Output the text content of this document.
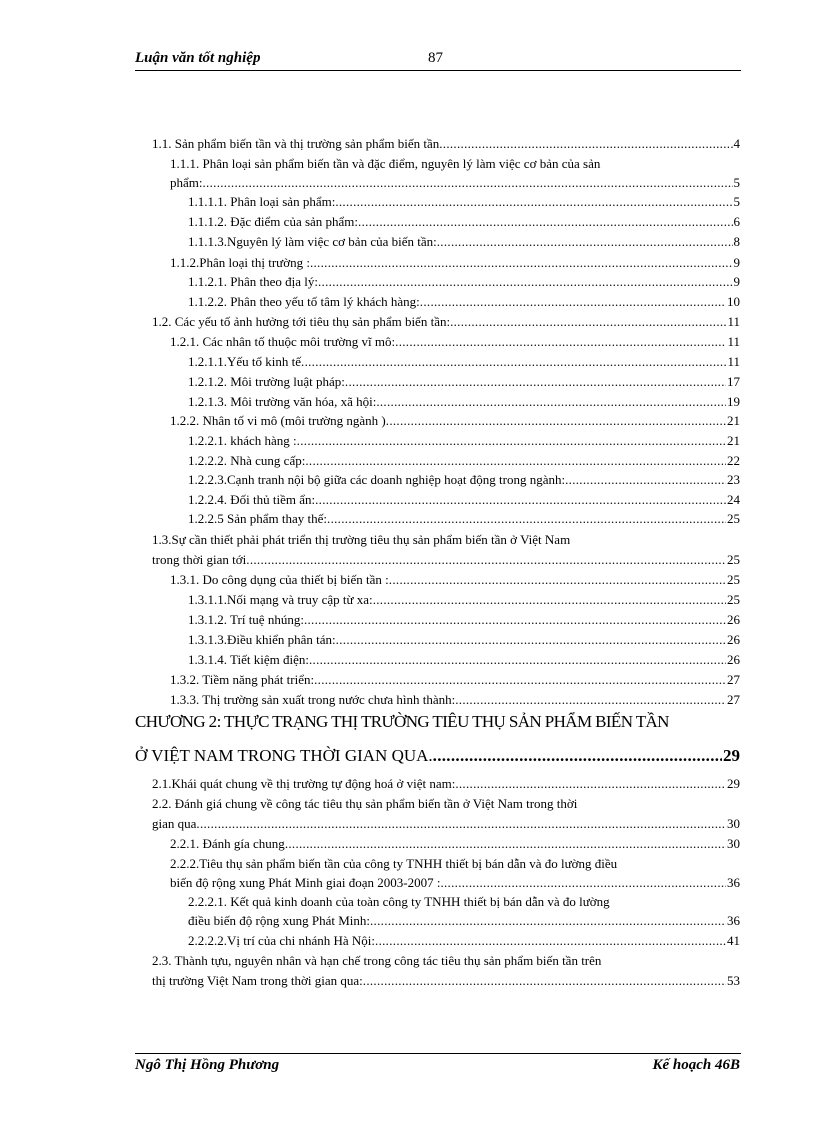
Luận văn tốt nghiệp	87
1.1. Sản phẩm biến tần và thị trường sản phẩm biến tần .....	4
1.1.1. Phân loại sản phẩm biến tần và đặc điểm, nguyên lý làm việc cơ bản của sản
phẩm: .....	5
1.1.1.1. Phân loại sản phẩm: .....	5
1.1.1.2. Đặc điểm của sản phẩm: .....	6
1.1.1.3.Nguyên lý làm việc cơ bản của biến tần: .....	8
1.1.2.Phân loại thị trường : .....	9
1.1.2.1. Phân theo địa lý: .....	9
1.1.2.2. Phân theo yếu tố tâm lý khách hàng: .....	10
1.2. Các yếu tố ảnh hưởng tới tiêu thụ sản phẩm biến tần: .....	11
1.2.1. Các nhân tố thuộc môi trường vĩ mô: .....	11
1.2.1.1.Yếu tố kinh tế .....	11
1.2.1.2. Môi trường luật pháp: .....	17
1.2.1.3. Môi trường văn hóa, xã hội: .....	19
1.2.2. Nhân tố vi mô (môi trường ngành ) .....	21
1.2.2.1. khách hàng : .....	21
1.2.2.2. Nhà cung cấp: .....	22
1.2.2.3.Cạnh tranh nội bộ giữa các doanh nghiệp hoạt động trong ngành: .....	23
1.2.2.4. Đối thủ tiềm ẩn: .....	24
1.2.2.5 Sản phẩm thay thế: .....	25
1.3.Sự cần thiết phải phát triển thị trường tiêu thụ sản phẩm biến tần ở Việt Nam
trong thời gian tới .....	25
1.3.1. Do công dụng của thiết bị biến tần : .....	25
1.3.1.1.Nối mạng và truy cập từ xa: .....	25
1.3.1.2. Trí tuệ nhúng: .....	26
1.3.1.3.Điều khiển phân tán: .....	26
1.3.1.4. Tiết kiệm điện: .....	26
1.3.2. Tiềm năng phát triển: .....	27
1.3.3. Thị trường sản xuất trong nước chưa hình thành: .....	27
CHƯƠNG 2: THỰC TRẠNG THỊ TRƯỜNG TIÊU THỤ SẢN PHẨM BIẾN TẦN
Ở VIỆT NAM TRONG THỜI GIAN QUA. .....	29
2.1.Khái quát chung về thị trường tự động hoá ở việt nam: .....	29
2.2. Đánh giá chung về công tác tiêu thụ sản phẩm biến tần ở Việt Nam trong thời
gian qua .....	30
2.2.1. Đánh gía chung .....	30
2.2.2.Tiêu thụ sản phẩm biến tần của công ty TNHH thiết bị bán dẫn và đo lường điều
biến độ rộng xung Phát Minh giai đoạn 2003-2007 : .....	36
2.2.2.1. Kết quả kinh doanh của toàn công ty TNHH thiết bị bán dẫn và đo lường
điều biến độ rộng xung Phát Minh: .....	36
2.2.2.2.Vị trí của chi nhánh Hà Nội: .....	41
2.3. Thành tựu, nguyên nhân và hạn chế trong công tác tiêu thụ sản phẩm biến tần trên
thị trường Việt Nam trong thời gian qua: .....	53
Ngô Thị Hồng Phương	Kế hoạch 46B
